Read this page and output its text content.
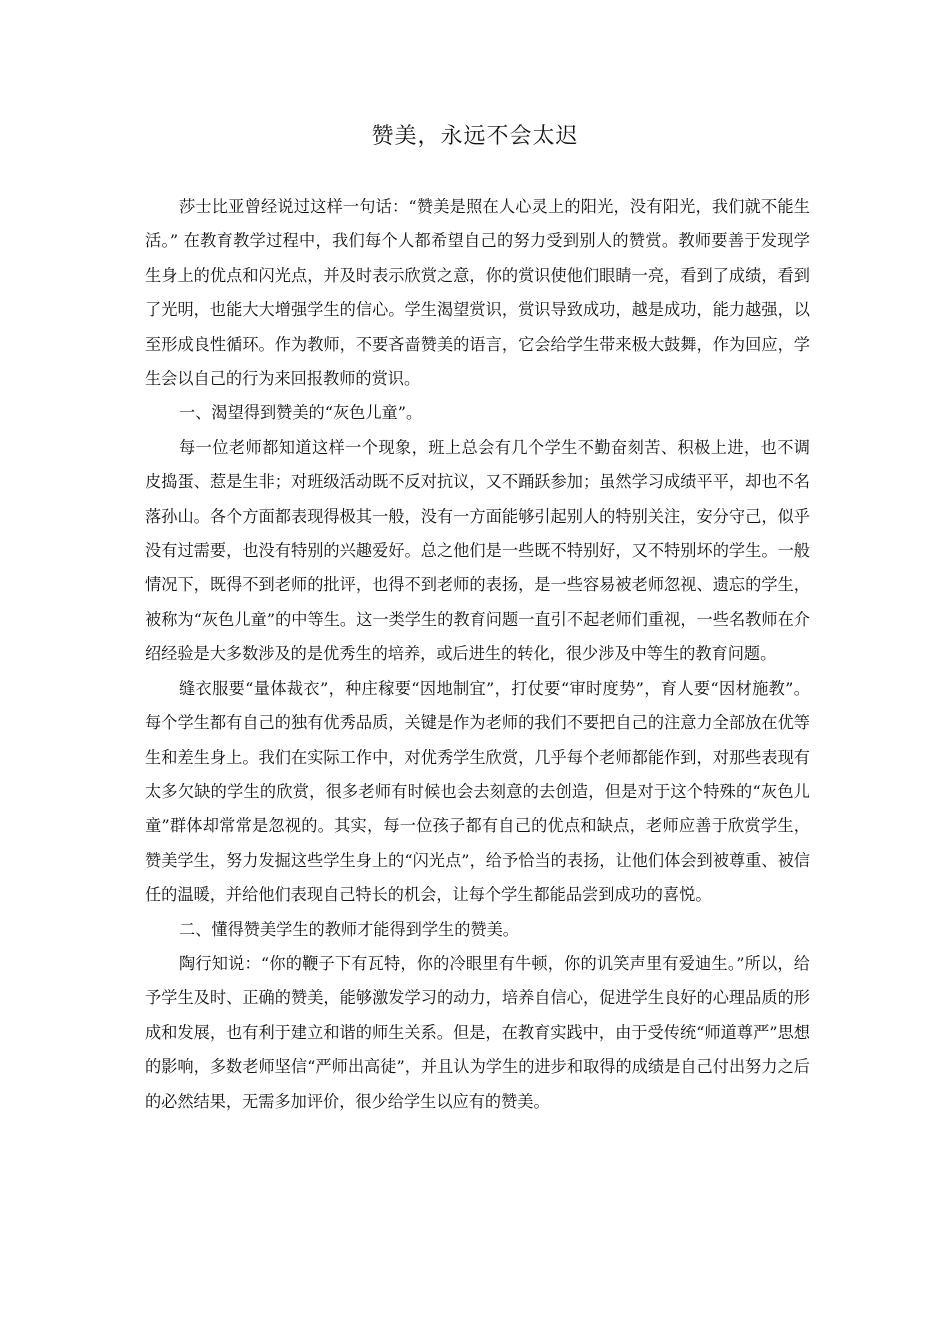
赞美，永远不会太迟

莎士比亚曾经说过这样一句话：“赞美是照在人心灵上的阳光，没有阳光，我们就不能生活。” 在教育教学过程中，我们每个人都希望自己的努力受到别人的赞赏。教师要善于发现学生身上的优点和闪光点，并及时表示欣赏之意，你的赏识使他们眼睛一亮，看到了成绩，看到了光明，也能大大增强学生的信心。学生渴望赏识，赏识导致成功，越是成功，能力越强，以至形成良性循环。作为教师，不要吝啬赞美的语言，它会给学生带来极大鼓舞，作为回应，学生会以自己的行为来回报教师的赏识。

一、渴望得到赞美的“灰色儿童”。

每一位老师都知道这样一个现象，班上总会有几个学生不勤奋刻苦、积极上进，也不调皮捣蛋、惹是生非；对班级活动既不反对抗议，又不踊跃参加；虽然学习成绩平平，却也不名落孙山。各个方面都表现得极其一般，没有一方面能够引起别人的特别关注，安分守己，似乎没有过需要，也没有特别的兴趣爱好。总之他们是一些既不特别好，又不特别坏的学生。一般情况下，既得不到老师的批评，也得不到老师的表扬，是一些容易被老师忽视、遗忘的学生，被称为“灰色儿童”的中等生。这一类学生的教育问题一直引不起老师们重视，一些名教师在介绍经验是大多数涉及的是优秀生的培养，或后进生的转化，很少涉及中等生的教育问题。

缝衣服要“量体裁衣”，种庄稼要“因地制宜”，打仗要“审时度势”，育人要“因材施教”。每个学生都有自己的独有优秀品质，关键是作为老师的我们不要把自己的注意力全部放在优等生和差生身上。我们在实际工作中，对优秀学生欣赏，几乎每个老师都能作到，对那些表现有太多欠缺的学生的欣赏，很多老师有时候也会去刻意的去创造，但是对于这个特殊的“灰色儿童”群体却常常是忽视的。其实，每一位孩子都有自己的优点和缺点，老师应善于欣赏学生，赞美学生，努力发掘这些学生身上的“闪光点”，给予恰当的表扬，让他们体会到被尊重、被信任的温暖，并给他们表现自己特长的机会，让每个学生都能品尝到成功的喜悦。

二、懂得赞美学生的教师才能得到学生的赞美。

陶行知说：“你的鞭子下有瓦特，你的冷眼里有牛顿，你的讥笑声里有爱迪生。”所以，给予学生及时、正确的赞美，能够激发学习的动力，培养自信心，促进学生良好的心理品质的形成和发展，也有利于建立和谐的师生关系。但是，在教育实践中，由于受传统“师道尊严”思想的影响，多数老师坚信“严师出高徒”，并且认为学生的进步和取得的成绩是自己付出努力之后的必然结果，无需多加评价，很少给学生以应有的赞美。
